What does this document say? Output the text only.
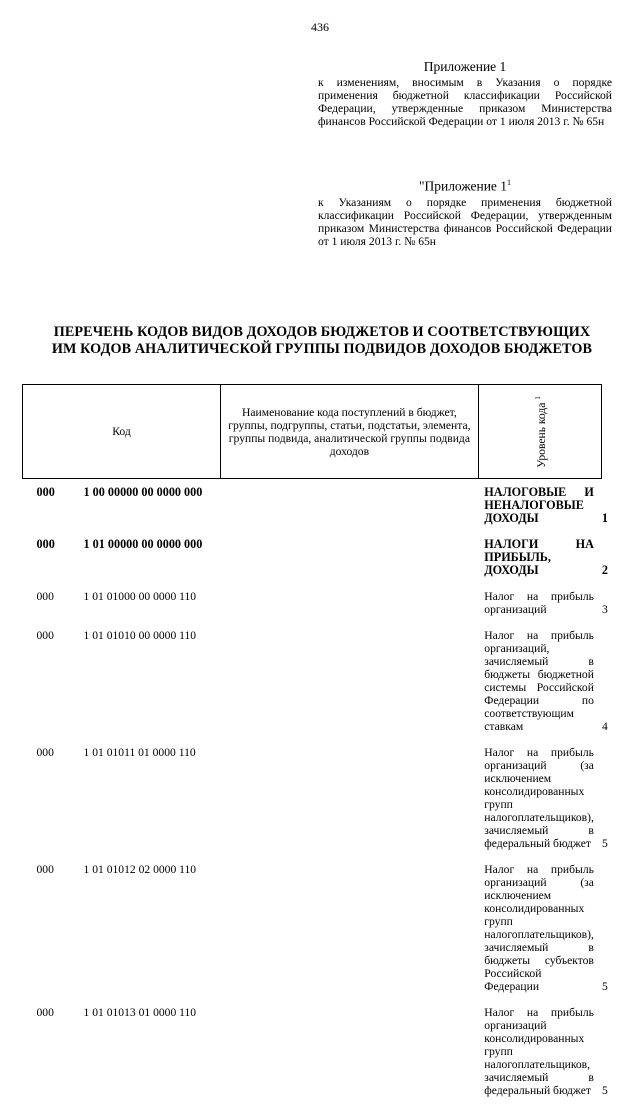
436
Приложение 1
к изменениям, вносимым в Указания о порядке применения бюджетной классификации Российской Федерации, утвержденные приказом Министерства финансов Российской Федерации от 1 июля 2013 г. № 65н
"Приложение $1^1$
к Указаниям о порядке применения бюджетной классификации Российской Федерации, утвержденным приказом Министерства финансов Российской Федерации от 1 июля 2013 г. № 65н
ПЕРЕЧЕНЬ КОДОВ ВИДОВ ДОХОДОВ БЮДЖЕТОВ И СООТВЕТСТВУЮЩИХ
ИМ КОДОВ АНАЛИТИЧЕСКОЙ ГРУППЫ ПОДВИДОВ ДОХОДОВ БЮДЖЕТОВ
Код	Наименование кода поступлений в бюджет, группы, подгруппы, статьи, подстатьи, элемента, группы подвида, аналитической группы подвида доходов	Уровень кода $^1$

000 1 00 00000 00 0000 000		НАЛОГОВЫЕ И НЕНАЛОГОВЫЕ ДОХОДЫ	1
000 1 01 00000 00 0000 000		НАЛОГИ НА ПРИБЫЛЬ, ДОХОДЫ	2
000 1 01 01000 00 0000 110		Налог на прибыль организаций	3
000 1 01 01010 00 0000 110		Налог на прибыль организаций, зачисляемый в бюджеты бюджетной системы Российской Федерации по соответствующим ставкам	4
000 1 01 01011 01 0000 110		Налог на прибыль организаций (за исключением консолидированных групп налогоплательщиков), зачисляемый в федеральный бюджет	5
000 1 01 01012 02 0000 110		Налог на прибыль организаций (за исключением консолидированных групп налогоплательщиков), зачисляемый в бюджеты субъектов Российской Федерации	5
000 1 01 01013 01 0000 110		Налог на прибыль организаций консолидированных групп налогоплательщиков, зачисляемый в федеральный бюджет	5
